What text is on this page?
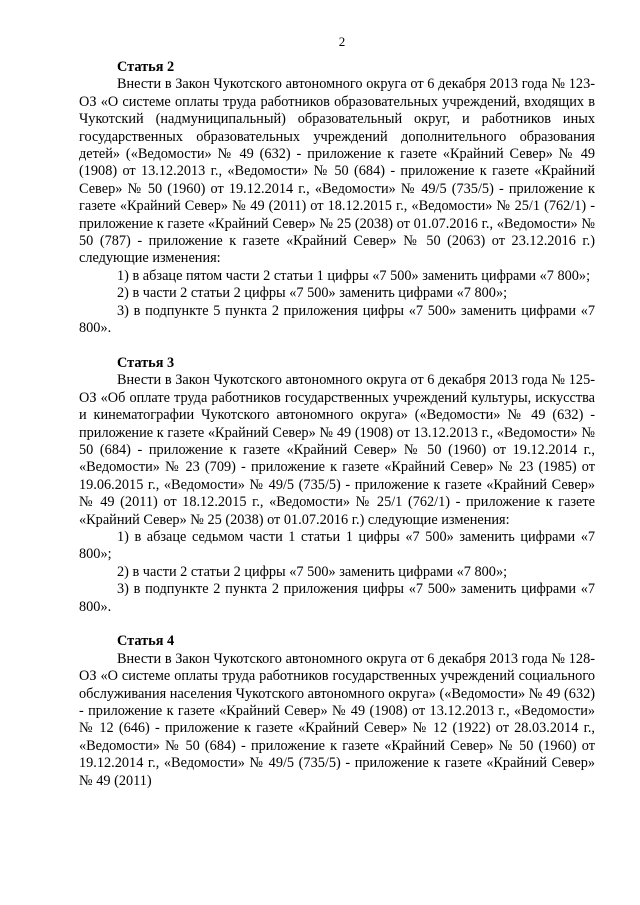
2

Статья 2

Внести в Закон Чукотского автономного округа от 6 декабря 2013 года № 123-ОЗ «О системе оплаты труда работников образовательных учреждений, входящих в Чукотский (надмуниципальный) образовательный округ, и работников иных государственных образовательных учреждений дополнительного образования детей» («Ведомости» № 49 (632) - приложение к газете «Крайний Север» № 49 (1908) от 13.12.2013 г., «Ведомости» № 50 (684) - приложение к газете «Крайний Север» № 50 (1960) от 19.12.2014 г., «Ведомости» № 49/5 (735/5) - приложение к газете «Крайний Север» № 49 (2011) от 18.12.2015 г., «Ведомости» № 25/1 (762/1) - приложение к газете «Крайний Север» № 25 (2038) от 01.07.2016 г., «Ведомости» № 50 (787) - приложение к газете «Крайний Север» № 50 (2063) от 23.12.2016 г.) следующие изменения:

1) в абзаце пятом части 2 статьи 1 цифры «7 500» заменить цифрами «7 800»;

2) в части 2 статьи 2 цифры «7 500» заменить цифрами «7 800»;

3) в подпункте 5 пункта 2 приложения цифры «7 500» заменить цифрами «7 800».

Статья 3

Внести в Закон Чукотского автономного округа от 6 декабря 2013 года № 125-ОЗ «Об оплате труда работников государственных учреждений культуры, искусства и кинематографии Чукотского автономного округа» («Ведомости» № 49 (632) - приложение к газете «Крайний Север» № 49 (1908) от 13.12.2013 г., «Ведомости» № 50 (684) - приложение к газете «Крайний Север» № 50 (1960) от 19.12.2014 г., «Ведомости» № 23 (709) - приложение к газете «Крайний Север» № 23 (1985) от 19.06.2015 г., «Ведомости» № 49/5 (735/5) - приложение к газете «Крайний Север» № 49 (2011) от 18.12.2015 г., «Ведомости» № 25/1 (762/1) - приложение к газете «Крайний Север» № 25 (2038) от 01.07.2016 г.) следующие изменения:

1) в абзаце седьмом части 1 статьи 1 цифры «7 500» заменить цифрами «7 800»;

2) в части 2 статьи 2 цифры «7 500» заменить цифрами «7 800»;

3) в подпункте 2 пункта 2 приложения цифры «7 500» заменить цифрами «7 800».

Статья 4

Внести в Закон Чукотского автономного округа от 6 декабря 2013 года № 128-ОЗ «О системе оплаты труда работников государственных учреждений социального обслуживания населения Чукотского автономного округа» («Ведомости» № 49 (632) - приложение к газете «Крайний Север» № 49 (1908) от 13.12.2013 г., «Ведомости» № 12 (646) - приложение к газете «Крайний Север» № 12 (1922) от 28.03.2014 г., «Ведомости» № 50 (684) - приложение к газете «Крайний Север» № 50 (1960) от 19.12.2014 г., «Ведомости» № 49/5 (735/5) - приложение к газете «Крайний Север» № 49 (2011)
